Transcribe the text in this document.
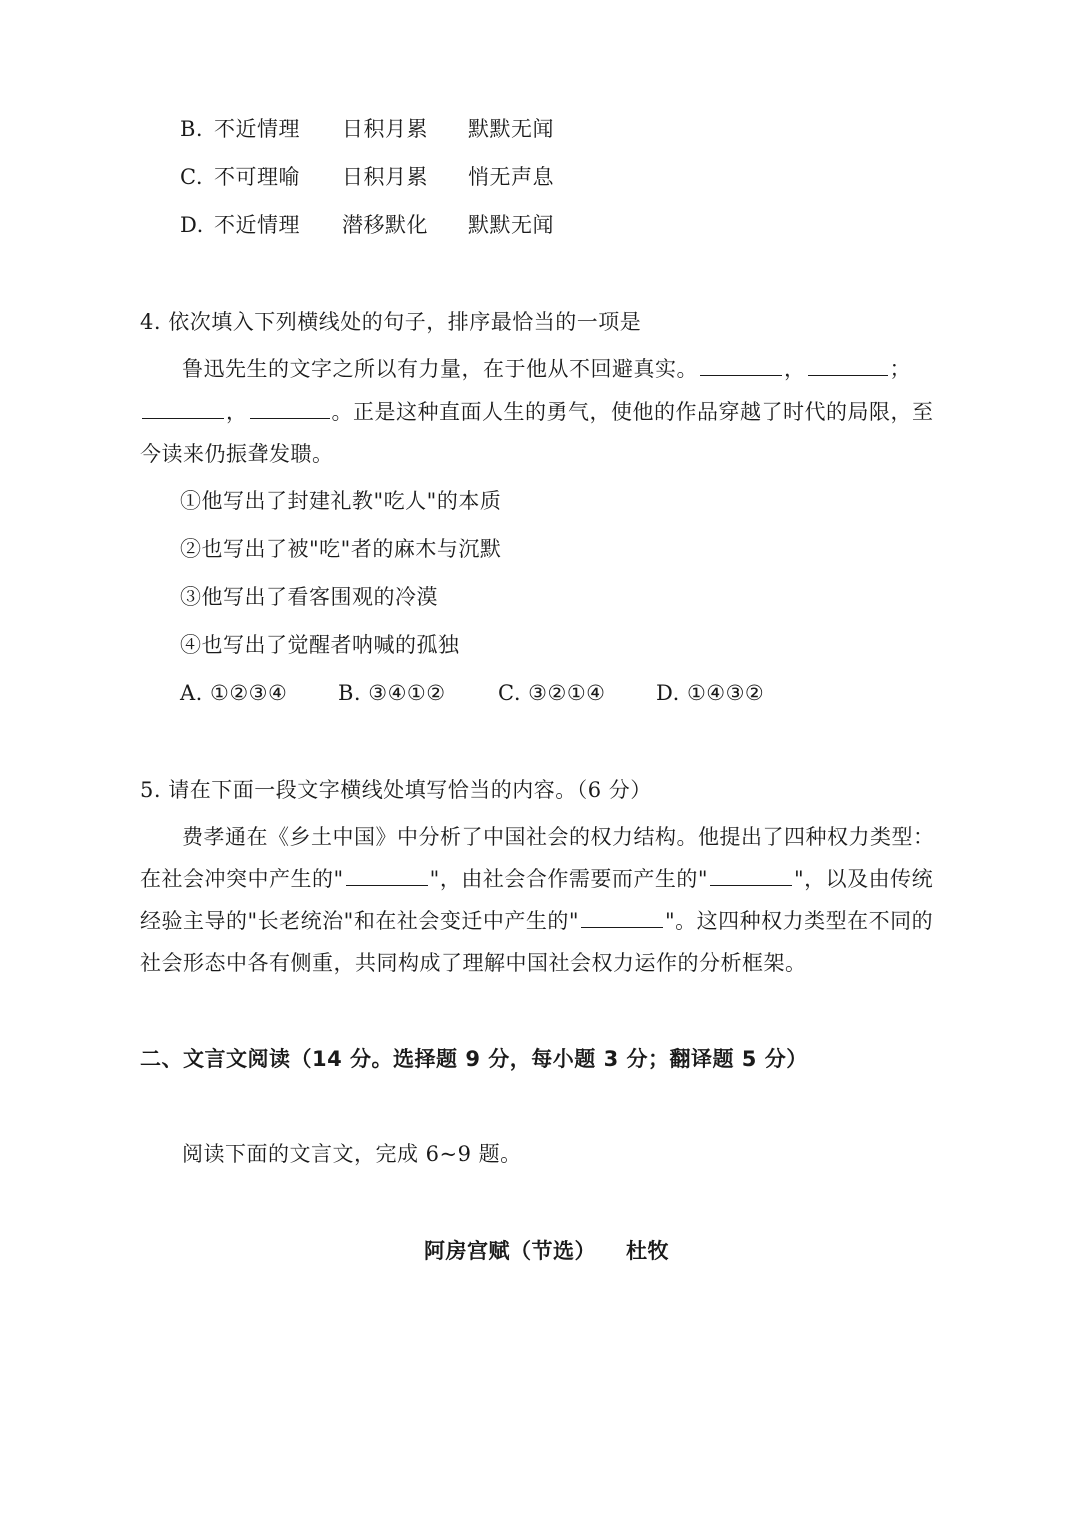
B. 不近情理 日积月累 默默无闻
C. 不可理喻 日积月累 悄无声息
D. 不近情理 潜移默化 默默无闻
4. 依次填入下列横线处的句子，排序最恰当的一项是
鲁迅先生的文字之所以有力量，在于他从不回避真实。	，	；
，	。正是这种直面人生的勇气，使他的作品穿越了时代的局限，至
今读来仍振聋发聩。
①他写出了封建礼教"吃人"的本质
②也写出了被"吃"者的麻木与沉默
③他写出了看客围观的冷漠
④也写出了觉醒者呐喊的孤独
A. ①②③④ B. ③④①② C. ③②①④ D. ①④③②
5. 请在下面一段文字横线处填写恰当的内容。（6 分）
费孝通在《乡土中国》中分析了中国社会的权力结构。他提出了四种权力类型：
在社会冲突中产生的"	"，由社会合作需要而产生的"	"，以及由传统
经验主导的"长老统治"和在社会变迁中产生的"	"。这四种权力类型在不同的
社会形态中各有侧重，共同构成了理解中国社会权力运作的分析框架。
二、文言文阅读（14 分。选择题 9 分，每小题 3 分；翻译题 5 分）
阅读下面的文言文，完成 6~9 题。
阿房宫赋（节选） 杜牧
